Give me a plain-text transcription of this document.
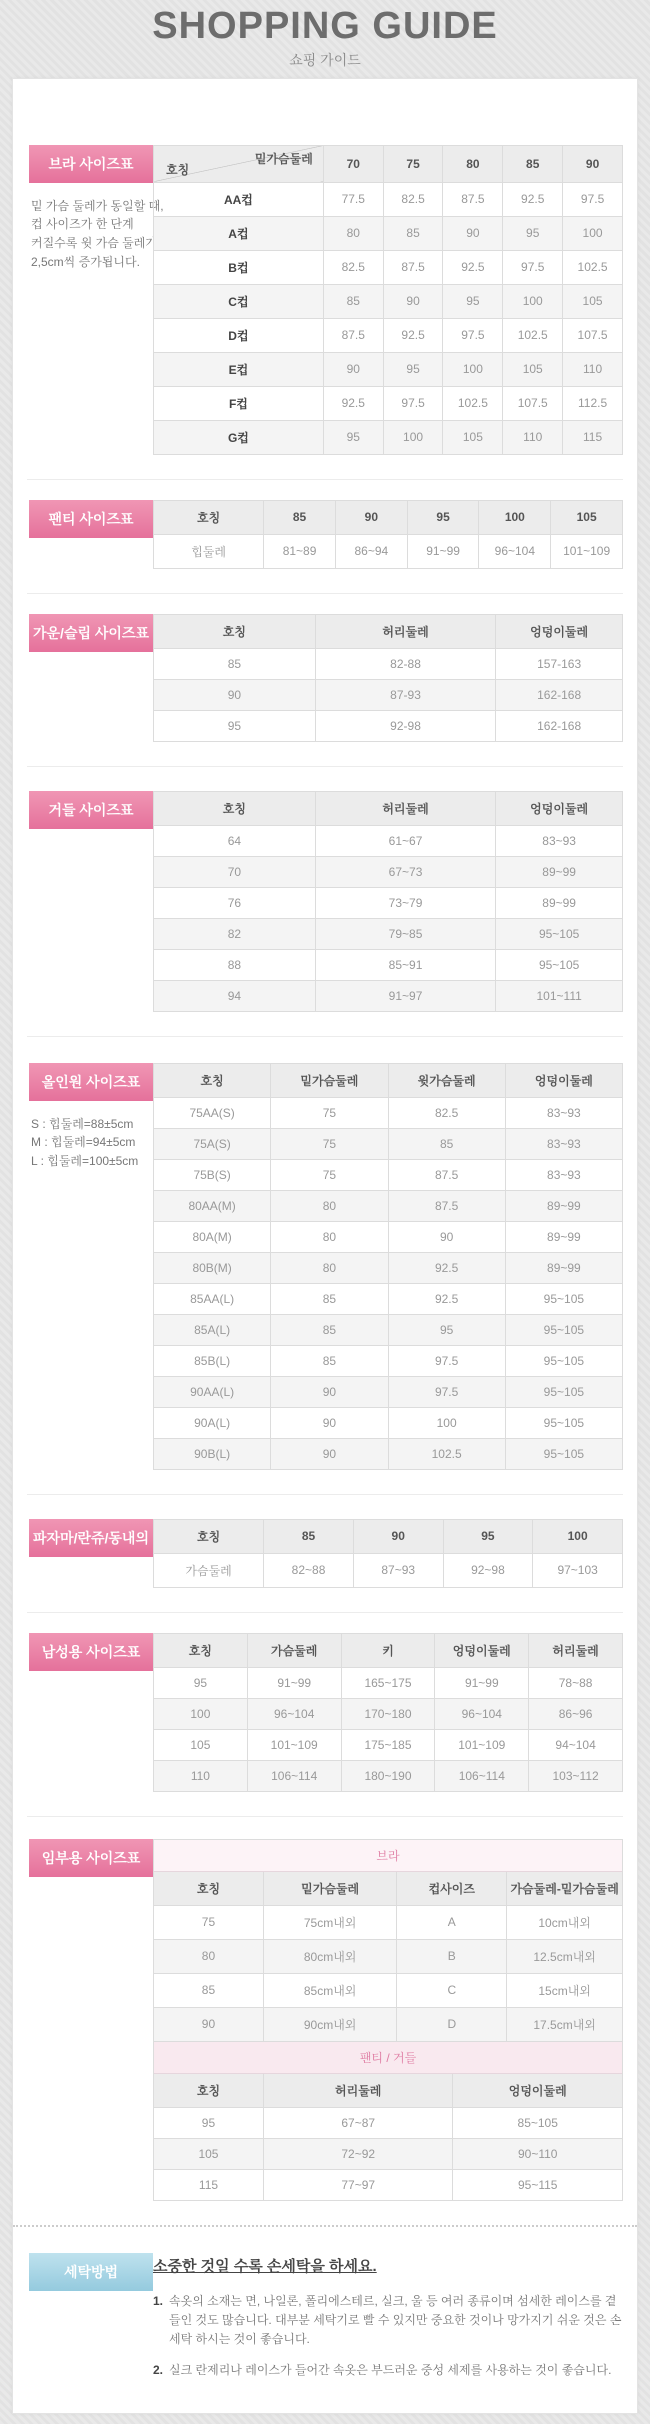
SHOPPING GUIDE
쇼핑 가이드
브라 사이즈표
밑 가슴 둘레가 동일할 때,
컵 사이즈가 한 단계
커질수록 윗 가슴 둘레가
2,5cm씩 증가됩니다.
밑가슴둘레
호칭	70	75	80	85	90
AA컵	77.5	82.5	87.5	92.5	97.5
A컵	80	85	90	95	100
B컵	82.5	87.5	92.5	97.5	102.5
C컵	85	90	95	100	105
D컵	87.5	92.5	97.5	102.5	107.5
E컵	90	95	100	105	110
F컵	92.5	97.5	102.5	107.5	112.5
G컵	95	100	105	110	115
팬티 사이즈표	호칭	85	90	95	100	105
힙둘레	81~89	86~94	91~99	96~104	101~109
가운/슬립 사이즈표	호칭	허리둘레	엉덩이둘레
85	82-88	157-163
90	87-93	162-168
95	92-98	162-168
거들 사이즈표	호칭	허리둘레	엉덩이둘레
64	61~67	83~93
70	67~73	89~99
76	73~79	89~99
82	79~85	95~105
88	85~91	95~105
94	91~97	101~111
올인원 사이즈표
S : 힙둘레=88±5cm
M : 힙둘레=94±5cm
L : 힙둘레=100±5cm
호칭	밑가슴둘레	윗가슴둘레	엉덩이둘레
75AA(S)	75	82.5	83~93
75A(S)	75	85	83~93
75B(S)	75	87.5	83~93
80AA(M)	80	87.5	89~99
80A(M)	80	90	89~99
80B(M)	80	92.5	89~99
85AA(L)	85	92.5	95~105
85A(L)	85	95	95~105
85B(L)	85	97.5	95~105
90AA(L)	90	97.5	95~105
90A(L)	90	100	95~105
90B(L)	90	102.5	95~105
파자마/란쥬/동내의	호칭	85	90	95	100
가슴둘레	82~88	87~93	92~98	97~103
남성용 사이즈표	호칭	가슴둘레	키	엉덩이둘레	허리둘레
95	91~99	165~175	91~99	78~88
100	96~104	170~180	96~104	86~96
105	101~109	175~185	101~109	94~104
110	106~114	180~190	106~114	103~112
임부용 사이즈표	브라
호칭	밑가슴둘레	컵사이즈	가슴둘레-밑가슴둘레
75	75cm내외	A	10cm내외
80	80cm내외	B	12.5cm내외
85	85cm내외	C	15cm내외
90	90cm내외	D	17.5cm내외
팬티 / 거들
호칭	허리둘레	엉덩이둘레
95	67~87	85~105
105	72~92	90~110
115	77~97	95~115
세탁방법	소중한 것일 수록 손세탁을 하세요.
1. 속옷의 소재는 면, 나일론, 폴리에스테르, 실크, 울 등 여러 종류이며 섬세한 레이스를 곁들인 것도 많습니다. 대부분 세탁기로 빨 수 있지만 중요한 것이나 망가지기 쉬운 것은 손세탁 하시는 것이 좋습니다.
2. 실크 란제리나 레이스가 들어간 속옷은 부드러운 중성 세제를 사용하는 것이 좋습니다.
